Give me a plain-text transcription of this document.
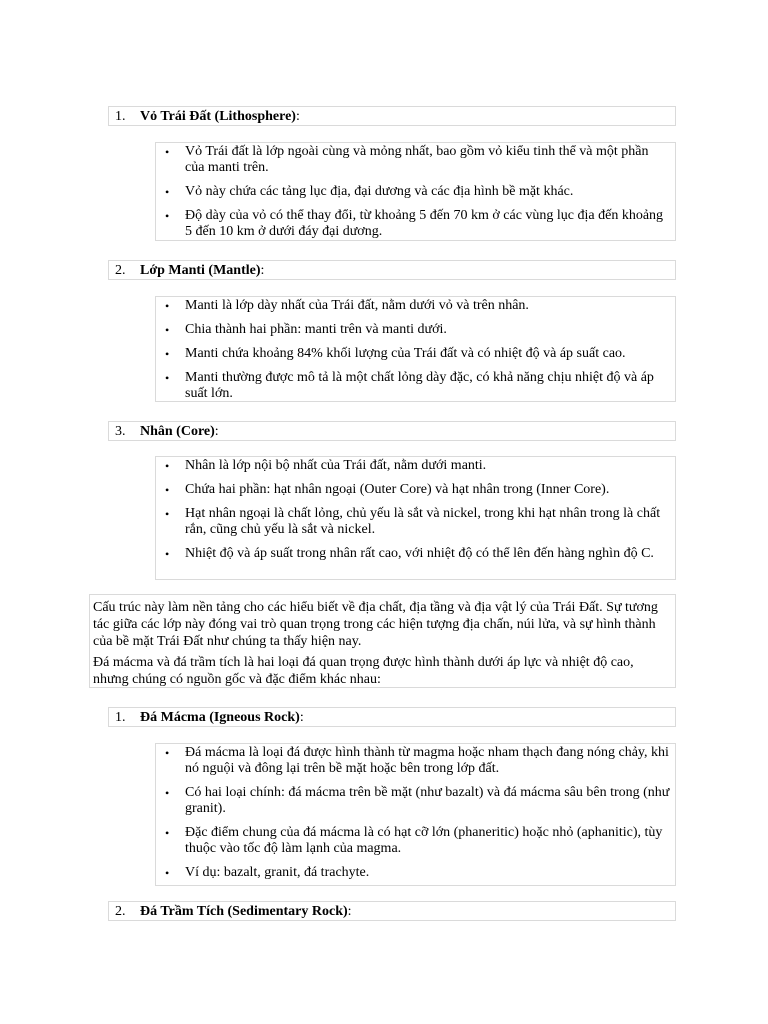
1. Vỏ Trái Đất (Lithosphere):
• Vỏ Trái đất là lớp ngoài cùng và mỏng nhất, bao gồm vỏ kiểu tinh thể và một phần của manti trên.
• Vỏ này chứa các tảng lục địa, đại dương và các địa hình bề mặt khác.
• Độ dày của vỏ có thể thay đổi, từ khoảng 5 đến 70 km ở các vùng lục địa đến khoảng 5 đến 10 km ở dưới đáy đại dương.
2. Lớp Manti (Mantle):
• Manti là lớp dày nhất của Trái đất, nằm dưới vỏ và trên nhân.
• Chia thành hai phần: manti trên và manti dưới.
• Manti chứa khoảng 84% khối lượng của Trái đất và có nhiệt độ và áp suất cao.
• Manti thường được mô tả là một chất lỏng dày đặc, có khả năng chịu nhiệt độ và áp suất lớn.
3. Nhân (Core):
• Nhân là lớp nội bộ nhất của Trái đất, nằm dưới manti.
• Chứa hai phần: hạt nhân ngoại (Outer Core) và hạt nhân trong (Inner Core).
• Hạt nhân ngoại là chất lỏng, chủ yếu là sắt và nickel, trong khi hạt nhân trong là chất rắn, cũng chủ yếu là sắt và nickel.
• Nhiệt độ và áp suất trong nhân rất cao, với nhiệt độ có thể lên đến hàng nghìn độ C.

Cấu trúc này làm nền tảng cho các hiểu biết về địa chất, địa tầng và địa vật lý của Trái Đất. Sự tương tác giữa các lớp này đóng vai trò quan trọng trong các hiện tượng địa chấn, núi lửa, và sự hình thành của bề mặt Trái Đất như chúng ta thấy hiện nay.

Đá mácma và đá trầm tích là hai loại đá quan trọng được hình thành dưới áp lực và nhiệt độ cao, nhưng chúng có nguồn gốc và đặc điểm khác nhau:

1. Đá Mácma (Igneous Rock):
• Đá mácma là loại đá được hình thành từ magma hoặc nham thạch đang nóng chảy, khi nó nguội và đông lại trên bề mặt hoặc bên trong lớp đất.
• Có hai loại chính: đá mácma trên bề mặt (như bazalt) và đá mácma sâu bên trong (như granit).
• Đặc điểm chung của đá mácma là có hạt cỡ lớn (phaneritic) hoặc nhỏ (aphanitic), tùy thuộc vào tốc độ làm lạnh của magma.
• Ví dụ: bazalt, granit, đá trachyte.
2. Đá Trầm Tích (Sedimentary Rock):
